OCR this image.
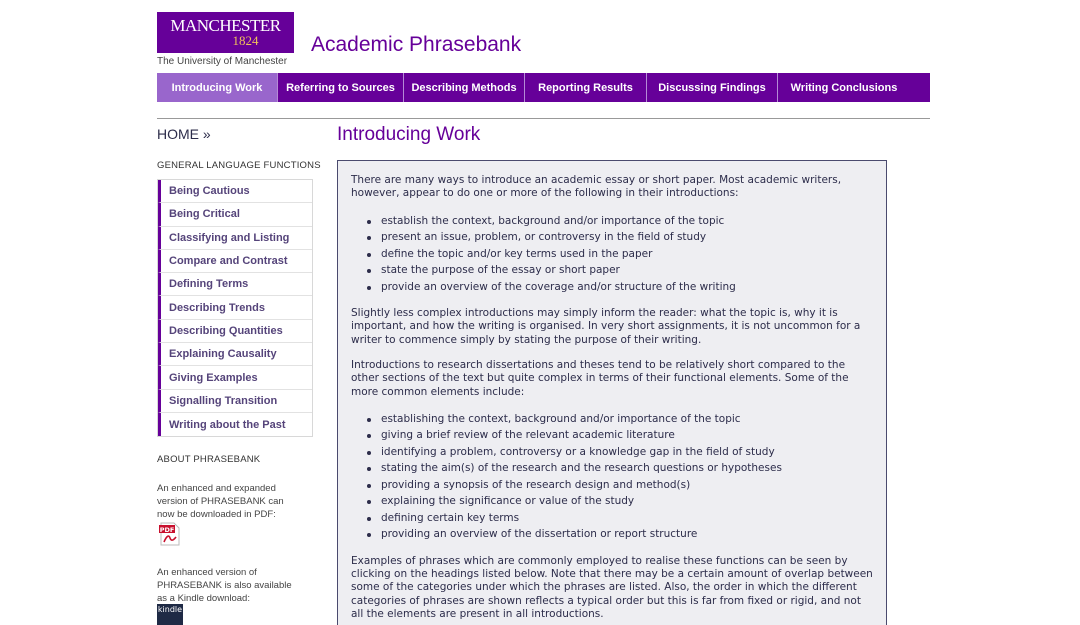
MANCHESTER
1824
The University of Manchester
Academic Phrasebank
Introducing Work	Referring to Sources	Describing Methods	Reporting Results	Discussing Findings	Writing Conclusions
HOME »
GENERAL LANGUAGE FUNCTIONS
Being Cautious
Being Critical
Classifying and Listing
Compare and Contrast
Defining Terms
Describing Trends
Describing Quantities
Explaining Causality
Giving Examples
Signalling Transition
Writing about the Past
ABOUT PHRASEBANK
An enhanced and expanded version of PHRASEBANK can now be downloaded in PDF:
PDF
An enhanced version of PHRASEBANK is also available as a Kindle download:
kindle
Introducing Work

There are many ways to introduce an academic essay or short paper. Most academic writers, however, appear to do one or more of the following in their introductions:

establish the context, background and/or importance of the topic
present an issue, problem, or controversy in the field of study
define the topic and/or key terms used in the paper
state the purpose of the essay or short paper
provide an overview of the coverage and/or structure of the writing

Slightly less complex introductions may simply inform the reader: what the topic is, why it is important, and how the writing is organised. In very short assignments, it is not uncommon for a writer to commence simply by stating the purpose of their writing.

Introductions to research dissertations and theses tend to be relatively short compared to the other sections of the text but quite complex in terms of their functional elements. Some of the more common elements include:

establishing the context, background and/or importance of the topic
giving a brief review of the relevant academic literature
identifying a problem, controversy or a knowledge gap in the field of study
stating the aim(s) of the research and the research questions or hypotheses
providing a synopsis of the research design and method(s)
explaining the significance or value of the study
defining certain key terms
providing an overview of the dissertation or report structure

Examples of phrases which are commonly employed to realise these functions can be seen by clicking on the headings listed below. Note that there may be a certain amount of overlap between some of the categories under which the phrases are listed. Also, the order in which the different categories of phrases are shown reflects a typical order but this is far from fixed or rigid, and not all the elements are present in all introductions.
